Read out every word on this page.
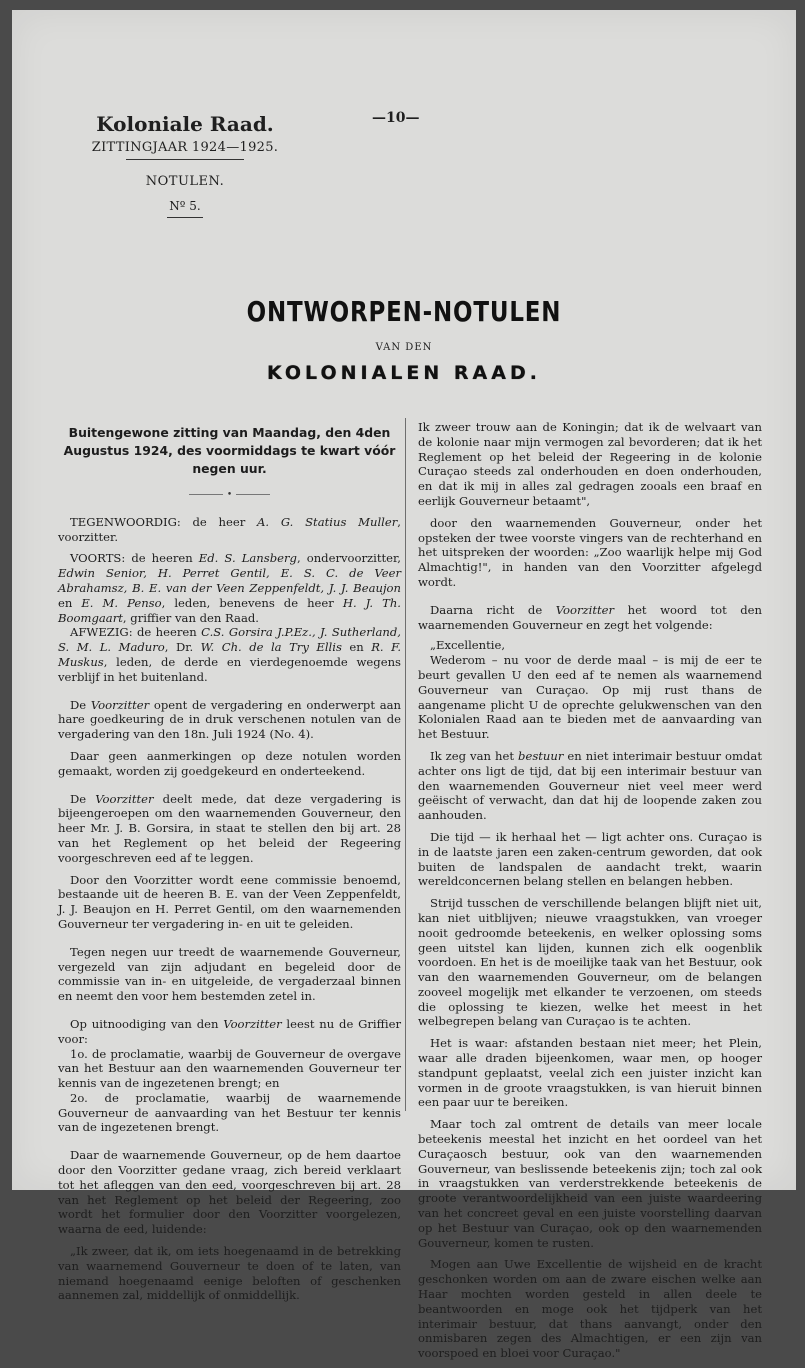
Koloniale Raad.
ZITTINGJAAR 1924—1925.
NOTULEN.
Nº 5.
—10—
ONTWORPEN-NOTULEN
VAN DEN
KOLONIALEN RAAD.
Buitengewone zitting van Maandag, den 4den Augustus 1924, des voormiddags te kwart vóór negen uur.
•

TEGENWOORDIG: de heer A. G. Statius Muller, voorzitter.

VOORTS: de heeren Ed. S. Lansberg, ondervoorzitter, Edwin Senior, H. Perret Gentil, E. S. C. de Veer Abrahamsz, B. E. van der Veen Zeppenfeldt, J. J. Beaujon en E. M. Penso, leden, benevens de heer H. J. Th. Boomgaart, griffier van den Raad.

AFWEZIG: de heeren C.S. Gorsira J.P.Ez., J. Sutherland, S. M. L. Maduro, Dr. W. Ch. de la Try Ellis en R. F. Muskus, leden, de derde en vierdegenoemde wegens verblijf in het buitenland.

De Voorzitter opent de vergadering en onderwerpt aan hare goedkeuring de in druk verschenen notulen van de vergadering van den 18n. Juli 1924 (No. 4).

Daar geen aanmerkingen op deze notulen worden gemaakt, worden zij goedgekeurd en onderteekend.

De Voorzitter deelt mede, dat deze vergadering is bijeengeroepen om den waarnemenden Gouverneur, den heer Mr. J. B. Gorsira, in staat te stellen den bij art. 28 van het Reglement op het beleid der Regeering voorgeschreven eed af te leggen.

Door den Voorzitter wordt eene commissie benoemd, bestaande uit de heeren B. E. van der Veen Zeppenfeldt, J. J. Beaujon en H. Perret Gentil, om den waarnemenden Gouverneur ter vergadering in- en uit te geleiden.

Tegen negen uur treedt de waarnemende Gouverneur, vergezeld van zijn adjudant en begeleid door de commissie van in- en uitgeleide, de vergaderzaal binnen en neemt den voor hem bestemden zetel in.

Op uitnoodiging van den Voorzitter leest nu de Griffier voor:

1o. de proclamatie, waarbij de Gouverneur de overgave van het Bestuur aan den waarnemenden Gouverneur ter kennis van de ingezetenen brengt; en

2o. de proclamatie, waarbij de waarnemende Gouverneur de aanvaarding van het Bestuur ter kennis van de ingezetenen brengt.

Daar de waarnemende Gouverneur, op de hem daartoe door den Voorzitter gedane vraag, zich bereid verklaart tot het afleggen van den eed, voorgeschreven bij art. 28 van het Reglement op het beleid der Regeering, zoo wordt het formulier door den Voorzitter voorgelezen, waarna de eed, luidende:

„Ik zweer, dat ik, om iets hoegenaamd in de betrekking van waarnemend Gouverneur te doen of te laten, van niemand hoegenaamd eenige beloften of geschenken aannemen zal, middellijk of onmiddellijk.

Ik zweer trouw aan de Koningin; dat ik de welvaart van de kolonie naar mijn vermogen zal bevorderen; dat ik het Reglement op het beleid der Regeering in de kolonie Curaçao steeds zal onderhouden en doen onderhouden, en dat ik mij in alles zal gedragen zooals een braaf en eerlijk Gouverneur betaamt",

door den waarnemenden Gouverneur, onder het opsteken der twee voorste vingers van de rechterhand en het uitspreken der woorden: „Zoo waarlijk helpe mij God Almachtig!", in handen van den Voorzitter afgelegd wordt.

Daarna richt de Voorzitter het woord tot den waarnemenden Gouverneur en zegt het volgende:

„Excellentie,

Wederom – nu voor de derde maal – is mij de eer te beurt gevallen U den eed af te nemen als waarnemend Gouverneur van Curaçao. Op mij rust thans de aangename plicht U de oprechte gelukwenschen van den Kolonialen Raad aan te bieden met de aanvaarding van het Bestuur.

Ik zeg van het bestuur en niet interimair bestuur omdat achter ons ligt de tijd, dat bij een interimair bestuur van den waarnemenden Gouverneur niet veel meer werd geëischt of verwacht, dan dat hij de loopende zaken zou aanhouden.

Die tijd — ik herhaal het — ligt achter ons. Curaçao is in de laatste jaren een zaken-centrum geworden, dat ook buiten de landspalen de aandacht trekt, waarin wereldconcernen belang stellen en belangen hebben.

Strijd tusschen de verschillende belangen blijft niet uit, kan niet uitblijven; nieuwe vraagstukken, van vroeger nooit gedroomde beteekenis, en welker oplossing soms geen uitstel kan lijden, kunnen zich elk oogenblik voordoen. En het is de moeilijke taak van het Bestuur, ook van den waarnemenden Gouverneur, om de belangen zooveel mogelijk met elkander te verzoenen, om steeds die oplossing te kiezen, welke het meest in het welbegrepen belang van Curaçao is te achten.

Het is waar: afstanden bestaan niet meer; het Plein, waar alle draden bijeenkomen, waar men, op hooger standpunt geplaatst, veelal zich een juister inzicht kan vormen in de groote vraagstukken, is van hieruit binnen een paar uur te bereiken.

Maar toch zal omtrent de details van meer locale beteekenis meestal het inzicht en het oordeel van het Curaçaosch bestuur, ook van den waarnemenden Gouverneur, van beslissende beteekenis zijn; toch zal ook in vraagstukken van verderstrekkende beteekenis de groote verantwoordelijkheid van een juiste waardeering van het concreet geval en een juiste voorstelling daarvan op het Bestuur van Curaçao, ook op den waarnemenden Gouverneur, komen te rusten.

Mogen aan Uwe Excellentie de wijsheid en de kracht geschonken worden om aan de zware eischen welke aan Haar mochten worden gesteld in allen deele te beantwoorden en moge ook het tijdperk van het interimair bestuur, dat thans aanvangt, onder den onmisbaren zegen des Almachtigen, er een zijn van voorspoed en bloei voor Curaçao."
